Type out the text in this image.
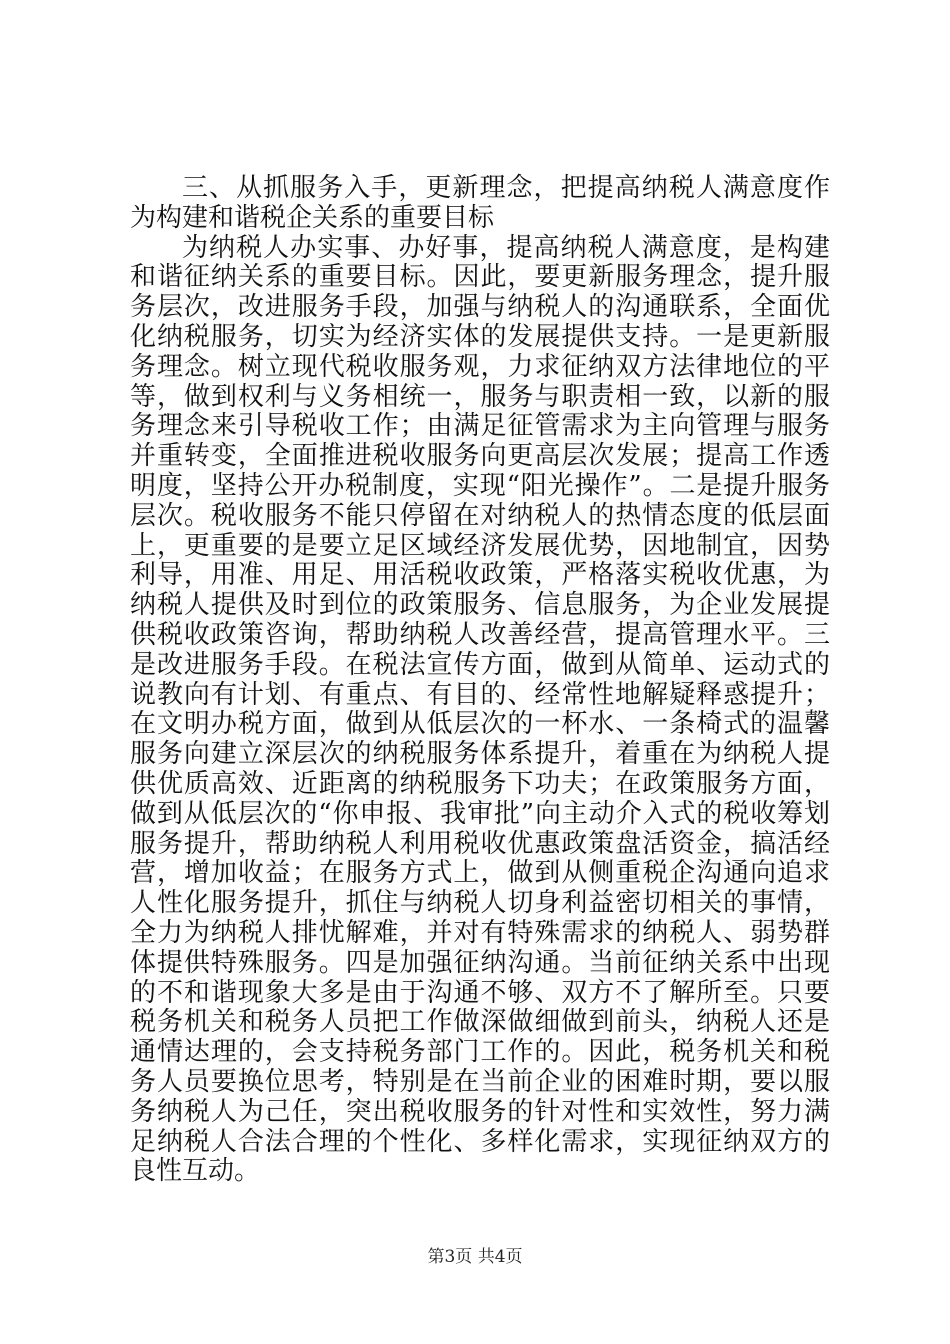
三、从抓服务入手，更新理念，把提高纳税人满意度作为构建和谐税企关系的重要目标

为纳税人办实事、办好事，提高纳税人满意度，是构建和谐征纳关系的重要目标。因此，要更新服务理念，提升服务层次，改进服务手段，加强与纳税人的沟通联系，全面优化纳税服务，切实为经济实体的发展提供支持。一是更新服务理念。树立现代税收服务观，力求征纳双方法律地位的平等，做到权利与义务相统一，服务与职责相一致，以新的服务理念来引导税收工作；由满足征管需求为主向管理与服务并重转变，全面推进税收服务向更高层次发展；提高工作透明度，坚持公开办税制度，实现“阳光操作”。二是提升服务层次。税收服务不能只停留在对纳税人的热情态度的低层面上，更重要的是要立足区域经济发展优势，因地制宜，因势利导，用准、用足、用活税收政策，严格落实税收优惠，为纳税人提供及时到位的政策服务、信息服务，为企业发展提供税收政策咨询，帮助纳税人改善经营，提高管理水平。三是改进服务手段。在税法宣传方面，做到从简单、运动式的说教向有计划、有重点、有目的、经常性地解疑释惑提升；在文明办税方面，做到从低层次的一杯水、一条椅式的温馨服务向建立深层次的纳税服务体系提升，着重在为纳税人提供优质高效、近距离的纳税服务下功夫；在政策服务方面，做到从低层次的“你申报、我审批”向主动介入式的税收筹划服务提升，帮助纳税人利用税收优惠政策盘活资金，搞活经营，增加收益；在服务方式上，做到从侧重税企沟通向追求人性化服务提升，抓住与纳税人切身利益密切相关的事情，全力为纳税人排忧解难，并对有特殊需求的纳税人、弱势群体提供特殊服务。四是加强征纳沟通。当前征纳关系中出现的不和谐现象大多是由于沟通不够、双方不了解所至。只要税务机关和税务人员把工作做深做细做到前头，纳税人还是通情达理的，会支持税务部门工作的。因此，税务机关和税务人员要换位思考，特别是在当前企业的困难时期，要以服务纳税人为己任，突出税收服务的针对性和实效性，努力满足纳税人合法合理的个性化、多样化需求，实现征纳双方的良性互动。

第3页 共4页
